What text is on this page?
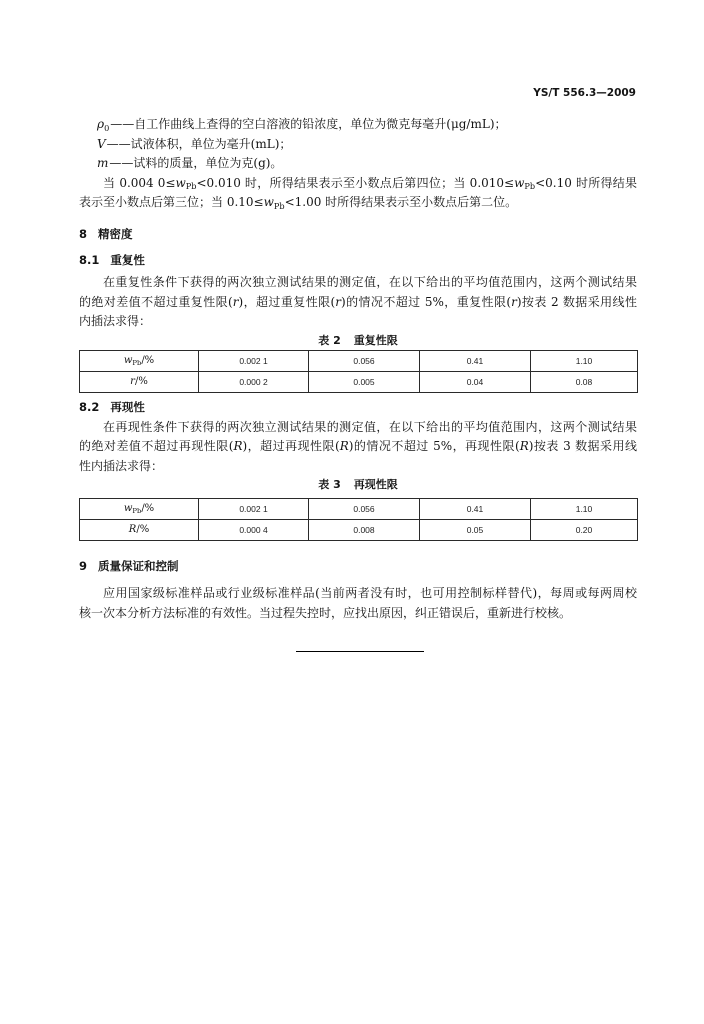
YS/T 556.3—2009
$\rho_0——$自工作曲线上查得的空白溶液的铅浓度，单位为微克每毫升(μg/mL)；
V——试液体积，单位为毫升(mL)；
m——试料的质量，单位为克(g)。
当 0.004 $0\le w_{Pb}<0.010$ 时，所得结果表示至小数点后第四位；当 $0.010\le w_{Pb}<0.10$ 时所得结果
表示至小数点后第三位；当 $0.10\le w_{Pb}<1.00$ 时所得结果表示至小数点后第二位。
8 精密度
8.1 重复性
在重复性条件下获得的两次独立测试结果的测定值，在以下给出的平均值范围内，这两个测试结果
的绝对差值不超过重复性限(r)，超过重复性限(r)的情况不超过 5%，重复性限(r)按表 2 数据采用线性
内插法求得：
表 2 重复性限
$w_{Pb}/\%$	0.002 1	0.056	0.41	1.10
r/%	0.000 2	0.005	0.04	0.08
8.2 再现性
在再现性条件下获得的两次独立测试结果的测定值，在以下给出的平均值范围内，这两个测试结果
的绝对差值不超过再现性限(R)，超过再现性限(R)的情况不超过 5%，再现性限(R)按表 3 数据采用线
性内插法求得：
表 3 再现性限
$w_{Pb}/\%$	0.002 1	0.056	0.41	1.10
R/%	0.000 4	0.008	0.05	0.20
9 质量保证和控制
应用国家级标准样品或行业级标准样品(当前两者没有时，也可用控制标样替代)，每周或每两周校
核一次本分析方法标准的有效性。当过程失控时，应找出原因，纠正错误后，重新进行校核。
